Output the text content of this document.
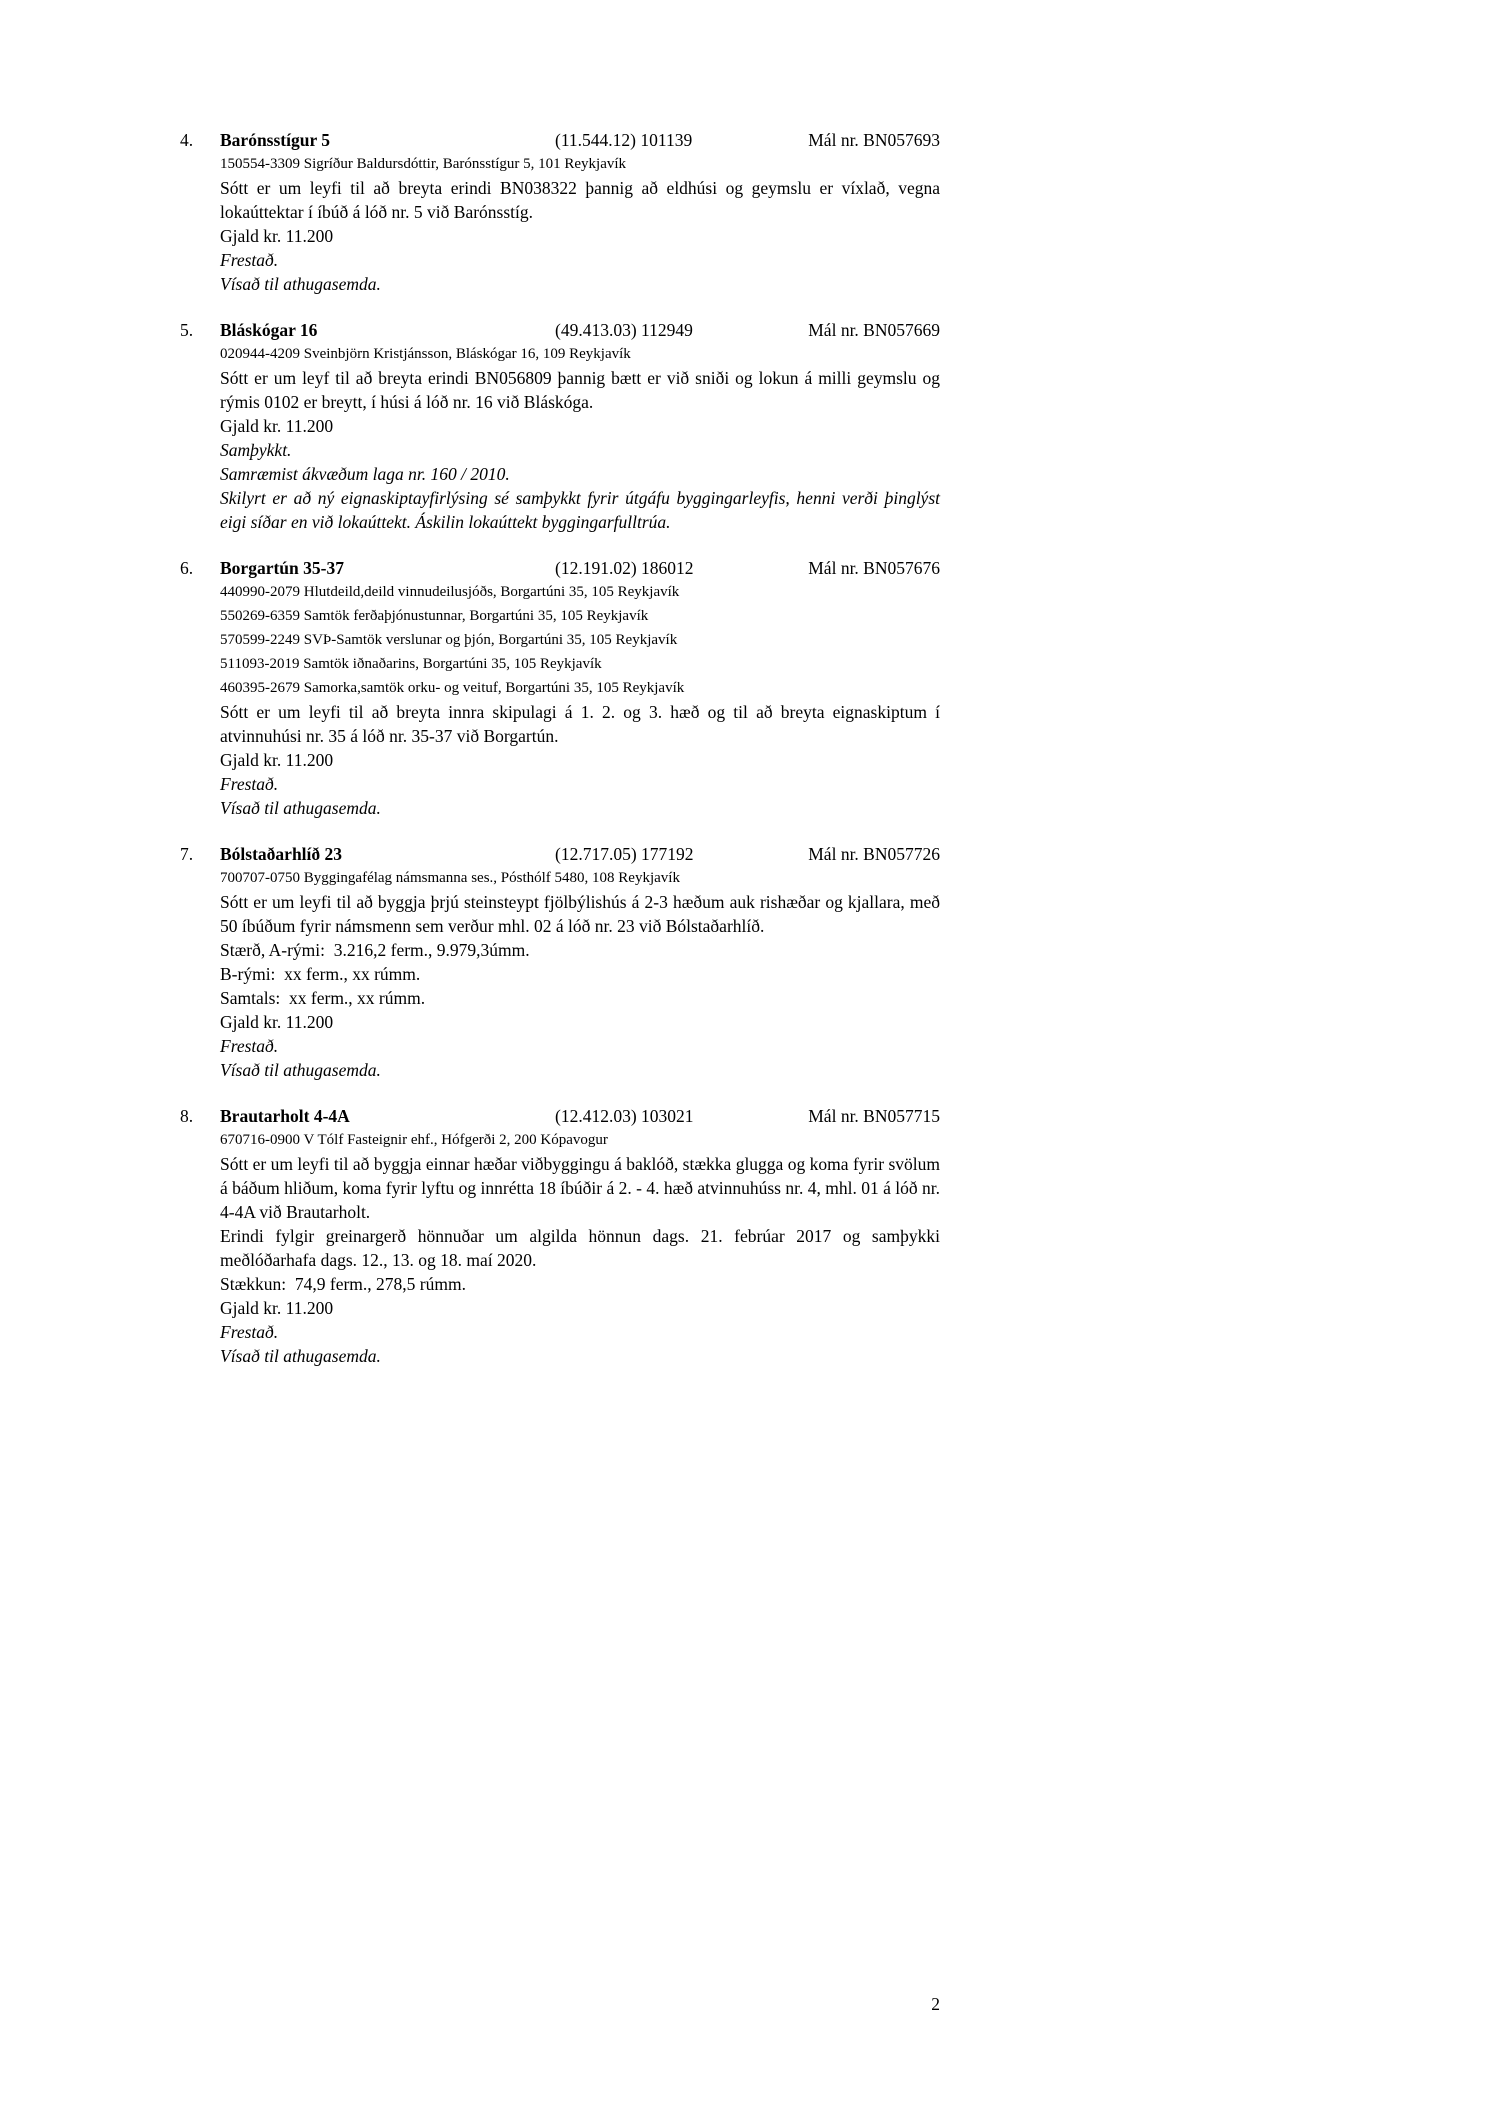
4.	Barónsstígur 5	(11.544.12) 101139	Mál nr. BN057693

150554-3309 Sigríður Baldursdóttir, Barónsstígur 5, 101 Reykjavík

Sótt er um leyfi til að breyta erindi BN038322 þannig að eldhúsi og geymslu er víxlað, vegna lokaúttektar í íbúð á lóð nr. 5 við Barónsstíg.

Gjald kr. 11.200

Frestað.

Vísað til athugasemda.

5.	Bláskógar 16	(49.413.03) 112949	Mál nr. BN057669

020944-4209 Sveinbjörn Kristjánsson, Bláskógar 16, 109 Reykjavík

Sótt er um leyf til að breyta erindi BN056809 þannig bætt er við sniði og lokun á milli geymslu og rýmis 0102 er breytt, í húsi á lóð nr. 16 við Bláskóga.

Gjald kr. 11.200

Samþykkt.

Samræmist ákvæðum laga nr. 160 / 2010.

Skilyrt er að ný eignaskiptayfirlýsing sé samþykkt fyrir útgáfu byggingarleyfis, henni verði þinglýst eigi síðar en við lokaúttekt. Áskilin lokaúttekt byggingarfulltrúa.

6.	Borgartún 35-37	(12.191.02) 186012	Mál nr. BN057676

440990-2079 Hlutdeild,deild vinnudeilusjóðs, Borgartúni 35, 105 Reykjavík

550269-6359 Samtök ferðaþjónustunnar, Borgartúni 35, 105 Reykjavík

570599-2249 SVÞ-Samtök verslunar og þjón, Borgartúni 35, 105 Reykjavík

511093-2019 Samtök iðnaðarins, Borgartúni 35, 105 Reykjavík

460395-2679 Samorka,samtök orku- og veituf, Borgartúni 35, 105 Reykjavík

Sótt er um leyfi til að breyta innra skipulagi á 1. 2. og 3. hæð og til að breyta eignaskiptum í atvinnuhúsi nr. 35 á lóð nr. 35-37 við Borgartún.

Gjald kr. 11.200

Frestað.

Vísað til athugasemda.

7.	Bólstaðarhlíð 23	(12.717.05) 177192	Mál nr. BN057726

700707-0750 Byggingafélag námsmanna ses., Pósthólf 5480, 108 Reykjavík

Sótt er um leyfi til að byggja þrjú steinsteypt fjölbýlishús á 2-3 hæðum auk rishæðar og kjallara, með 50 íbúðum fyrir námsmenn sem verður mhl. 02 á lóð nr. 23 við Bólstaðarhlíð.

Stærð, A-rými:  3.216,2 ferm., 9.979,3úmm.

B-rými:  xx ferm., xx rúmm.

Samtals:  xx ferm., xx rúmm.

Gjald kr. 11.200

Frestað.

Vísað til athugasemda.

8.	Brautarholt 4-4A	(12.412.03) 103021	Mál nr. BN057715

670716-0900 V Tólf Fasteignir ehf., Hófgerði 2, 200 Kópavogur

Sótt er um leyfi til að byggja einnar hæðar viðbyggingu á baklóð, stækka glugga og koma fyrir svölum á báðum hliðum, koma fyrir lyftu og innrétta 18 íbúðir á 2. - 4. hæð atvinnuhúss nr. 4, mhl. 01 á lóð nr. 4-4A við Brautarholt.

Erindi fylgir greinargerð hönnuðar um algilda hönnun dags. 21. febrúar 2017 og samþykki meðlóðarhafa dags. 12., 13. og 18. maí 2020.

Stækkun:  74,9 ferm., 278,5 rúmm.

Gjald kr. 11.200

Frestað.

Vísað til athugasemda.

2
